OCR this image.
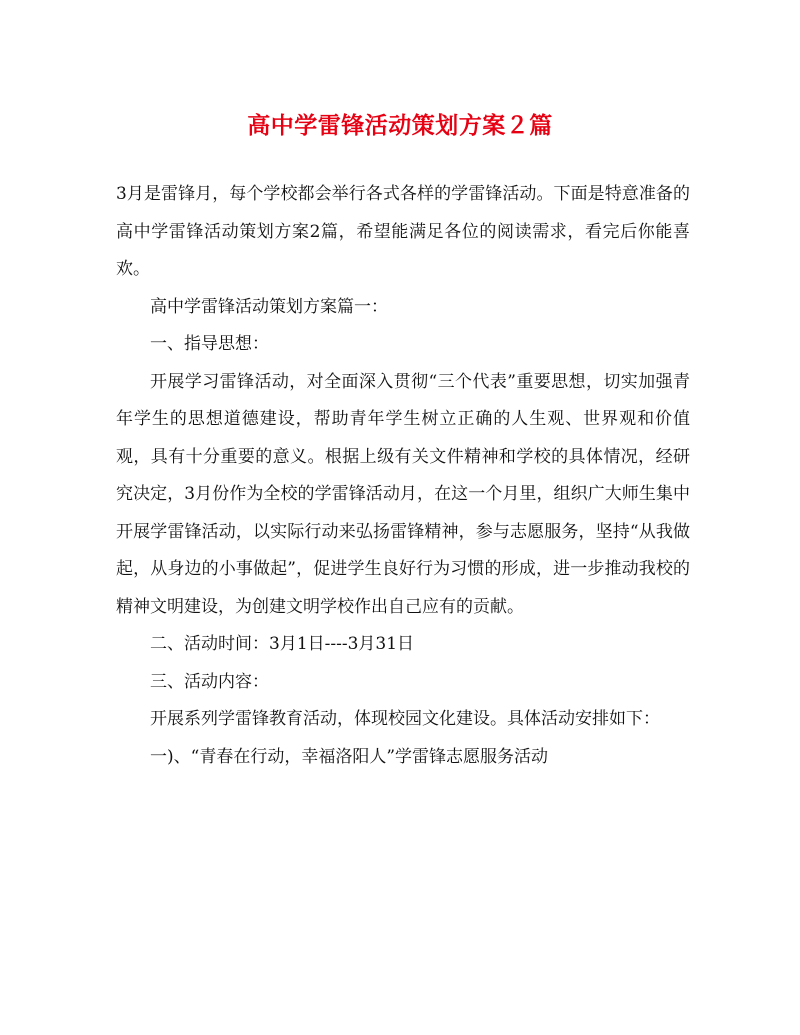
高中学雷锋活动策划方案２篇

3月是雷锋月，每个学校都会举行各式各样的学雷锋活动。下面是特意准备的高中学雷锋活动策划方案2篇，希望能满足各位的阅读需求，看完后你能喜欢。

高中学雷锋活动策划方案篇一：

一、指导思想：

开展学习雷锋活动，对全面深入贯彻“三个代表”重要思想，切实加强青年学生的思想道德建设，帮助青年学生树立正确的人生观、世界观和价值观，具有十分重要的意义。根据上级有关文件精神和学校的具体情况，经研究决定，3月份作为全校的学雷锋活动月，在这一个月里，组织广大师生集中开展学雷锋活动，以实际行动来弘扬雷锋精神，参与志愿服务，坚持“从我做起，从身边的小事做起”，促进学生良好行为习惯的形成，进一步推动我校的精神文明建设，为创建文明学校作出自己应有的贡献。

二、活动时间：3月1日----3月31日

三、活动内容：

开展系列学雷锋教育活动，体现校园文化建设。具体活动安排如下：

一)、“青春在行动，幸福洛阳人”学雷锋志愿服务活动
